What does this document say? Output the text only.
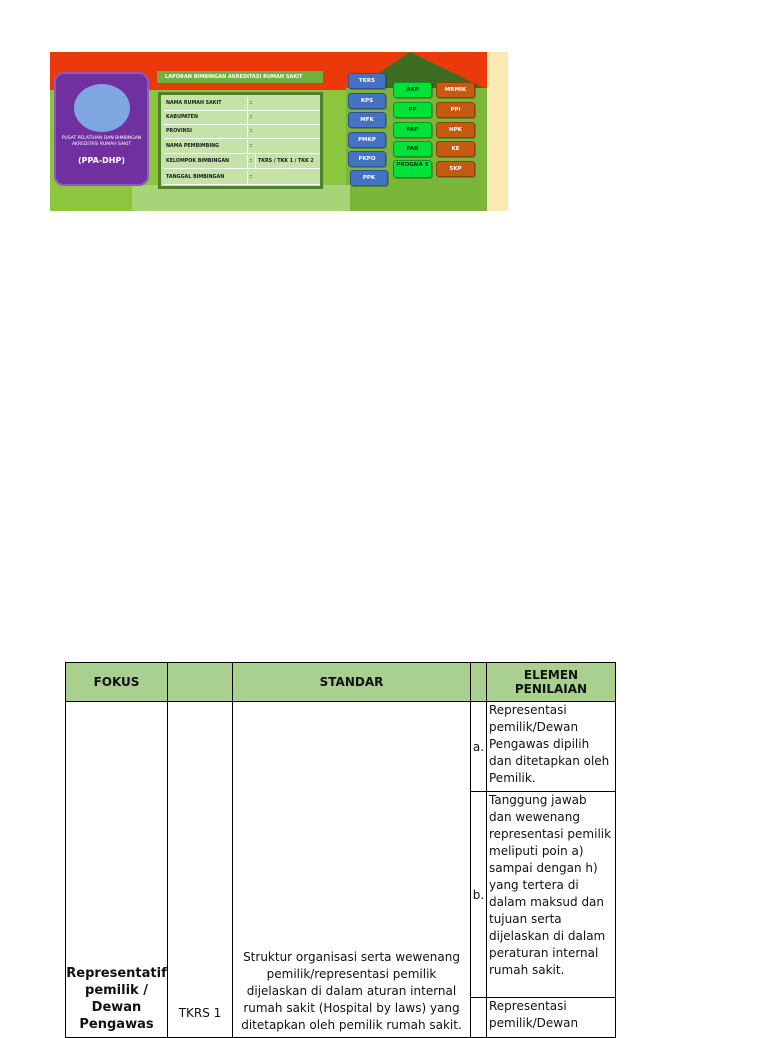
PUSAT PELATIHAN DAN BIMBINGAN AKREDITASI RUMAH SAKIT
(PPA-DHP)
LAPORAN BIMBINGAN AKREDITASI RUMAH SAKIT
NAMA RUMAH SAKIT	:
KABUPATEN	:
PROVINSI	:
NAMA PEMBIMBING	:
KELOMPOK BIMBINGAN	:	TKRS / TKK 1 / TKK 2
TANGGAL BIMBINGAN	:
TKRS
KPS
MFK
PMKP
PKPO
PPK
AKP
PP
PAP
PAB
PROGNA S
MRMIK
PPI
HPK
KE
SKP
FOKUS		STANDAR		ELEMEN PENILAIAN
Representatif pemilik / Dewan Pengawas	TKRS 1	Struktur organisasi serta wewenang pemilik/representasi pemilik dijelaskan di dalam aturan internal rumah sakit (Hospital by laws) yang ditetapkan oleh pemilik rumah sakit.	a.	Representasi pemilik/Dewan Pengawas dipilih dan ditetapkan oleh Pemilik.
			b.	Tanggung jawab dan wewenang representasi pemilik meliputi poin a) sampai dengan h) yang tertera di dalam maksud dan tujuan serta dijelaskan di dalam peraturan internal rumah sakit.
				Representasi pemilik/Dewan
